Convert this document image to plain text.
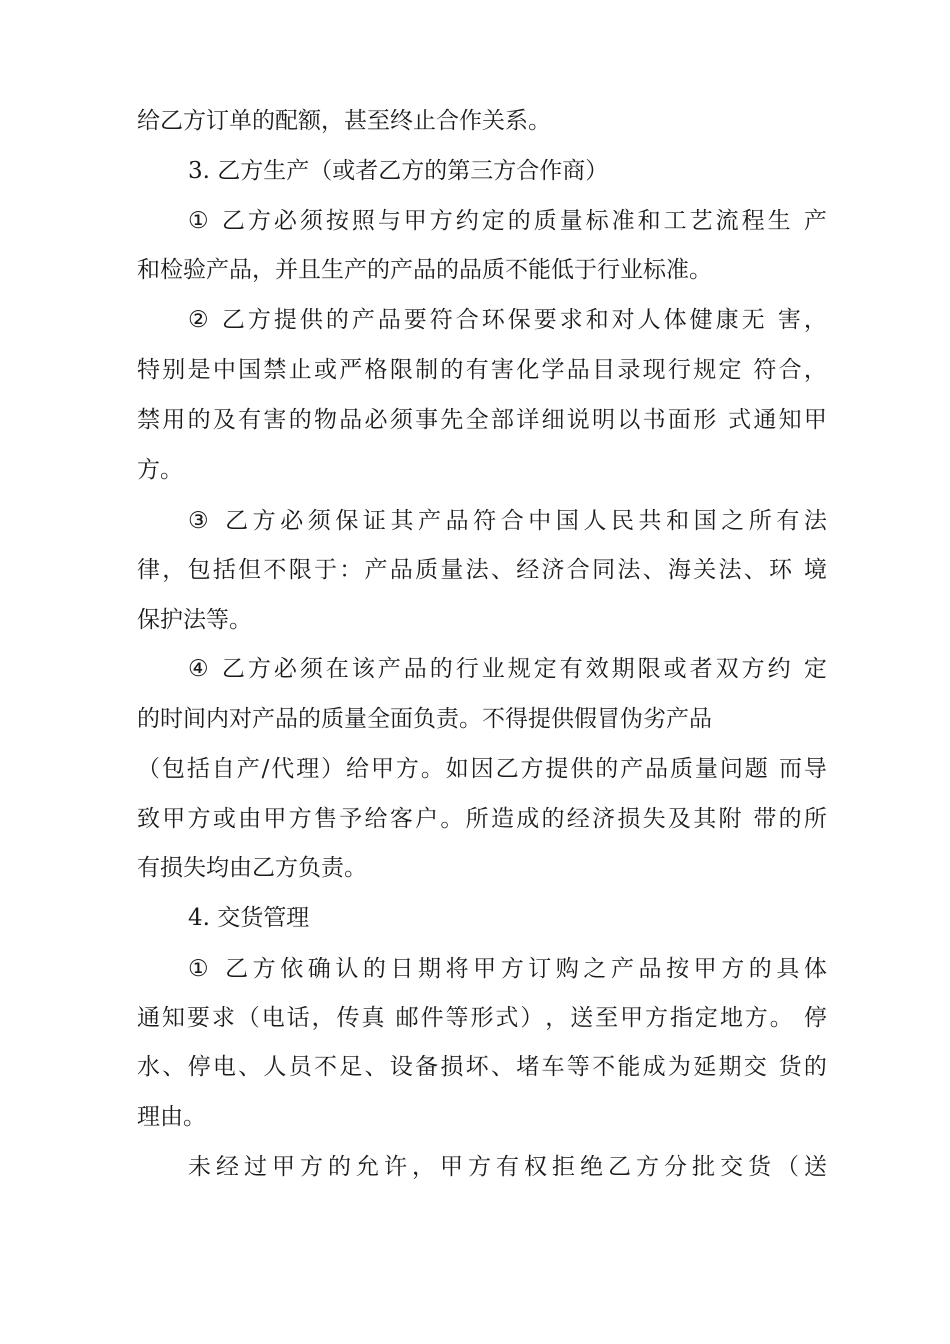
给乙方订单的配额，甚至终止合作关系。
3. 乙方生产（或者乙方的第三方合作商）
①
乙 方 必 须 按 照 与 甲 方 约 定 的 质 量 标 准 和 工 艺 流 程 生
产
和检验产品，并且生产的产品的品质不能低于行业标准。
②
乙 方 提 供 的 产 品 要 符 合 环 保 要 求 和 对 人 体 健 康 无
害 ，
特 别 是 中 国 禁 止 或 严 格 限 制 的 有 害 化 学 品 目 录 现 行 规 定
符 合 ，
禁 用 的 及 有 害 的 物 品 必 须 事 先 全 部 详 细 说 明 以 书 面 形
式 通 知 甲
方。
③
乙 方 必 须 保 证 其 产 品 符 合 中 国 人 民 共 和 国 之 所 有 法
律 ， 包 括 但 不 限 于 ： 产 品 质 量 法 、 经 济 合 同 法 、 海 关 法 、 环
境
保护法等。
④
乙 方 必 须 在 该 产 品 的 行 业 规 定 有 效 期 限 或 者 双 方 约
定
的时间内对产品的质量全面负责。不得提供假冒伪劣产品
（ 包 括 自 产 / 代 理 ） 给 甲 方 。 如 因 乙 方 提 供 的 产 品 质 量 问 题
而 导
致 甲 方 或 由 甲 方 售 予 给 客 户 。 所 造 成 的 经 济 损 失 及 其 附
带 的 所
有损失均由乙方负责。
4. 交货管理
①
乙 方 依 确 认 的 日 期 将 甲 方 订 购 之 产 品 按 甲 方 的 具 体
通 知 要 求 （ 电 话 ， 传 真
邮 件 等 形 式 ） ， 送 至 甲 方 指 定 地 方 。
停
水 、 停 电 、 人 员 不 足 、 设 备 损 坏 、 堵 车 等 不 能 成 为 延 期 交
货 的
理由。
未 经 过 甲 方 的 允 许 ， 甲 方 有 权 拒 绝 乙 方 分 批 交 货 （ 送
